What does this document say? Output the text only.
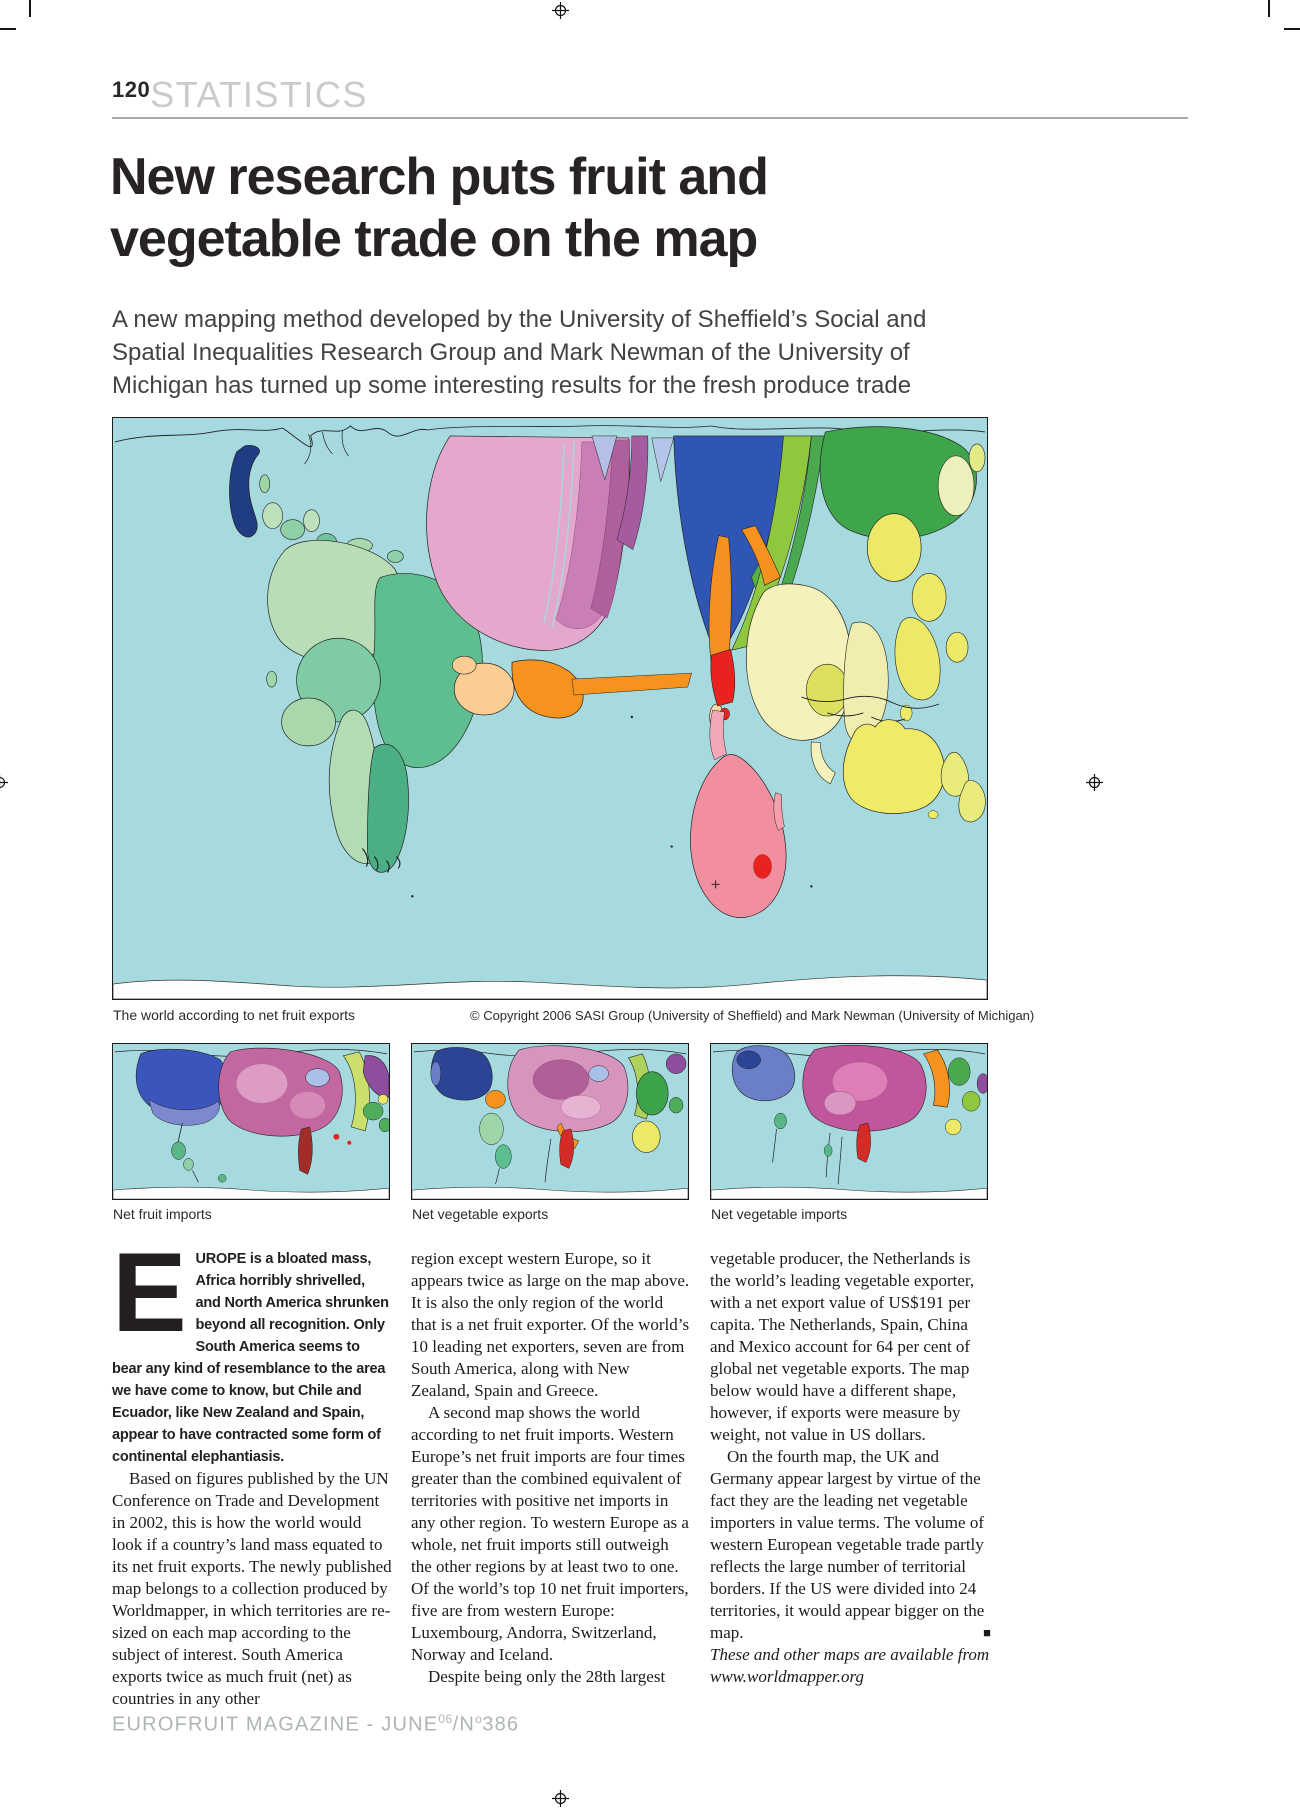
120 STATISTICS
New research puts fruit and
vegetable trade on the map
A new mapping method developed by the University of Sheffield’s Social and
Spatial Inequalities Research Group and Mark Newman of the University of
Michigan has turned up some interesting results for the fresh produce trade
The world according to net fruit exports	© Copyright 2006 SASI Group (University of Sheffield) and Mark Newman (University of Michigan)
Net fruit imports	Net vegetable exports	Net vegetable imports

EUROPE is a bloated mass, Africa horribly shrivelled, and North America shrunken beyond all recognition. Only South America seems to bear any kind of resemblance to the area we have come to know, but Chile and Ecuador, like New Zealand and Spain, appear to have contracted some form of continental elephantiasis.

Based on figures published by the UN Conference on Trade and Development in 2002, this is how the world would look if a country’s land mass equated to its net fruit exports. The newly published map belongs to a collection produced by Worldmapper, in which territories are re-sized on each map according to the subject of interest. South America exports twice as much fruit (net) as countries in any other

region except western Europe, so it appears twice as large on the map above. It is also the only region of the world that is a net fruit exporter. Of the world’s 10 leading net exporters, seven are from South America, along with New Zealand, Spain and Greece.

A second map shows the world according to net fruit imports. Western Europe’s net fruit imports are four times greater than the combined equivalent of territories with positive net imports in any other region. To western Europe as a whole, net fruit imports still outweigh the other regions by at least two to one. Of the world’s top 10 net fruit importers, five are from western Europe: Luxembourg, Andorra, Switzerland, Norway and Iceland.

Despite being only the 28th largest

vegetable producer, the Netherlands is the world’s leading vegetable exporter, with a net export value of US$191 per capita. The Netherlands, Spain, China and Mexico account for 64 per cent of global net vegetable exports. The map below would have a different shape, however, if exports were measure by weight, not value in US dollars.

On the fourth map, the UK and Germany appear largest by virtue of the fact they are the leading net vegetable importers in value terms. The volume of western European vegetable trade partly reflects the large number of territorial borders. If the US were divided into 24 territories, it would appear bigger on the map.	■

These and other maps are available from www.worldmapper.org

EUROFRUIT MAGAZINE - $JUNE^{06}/N^o386$
